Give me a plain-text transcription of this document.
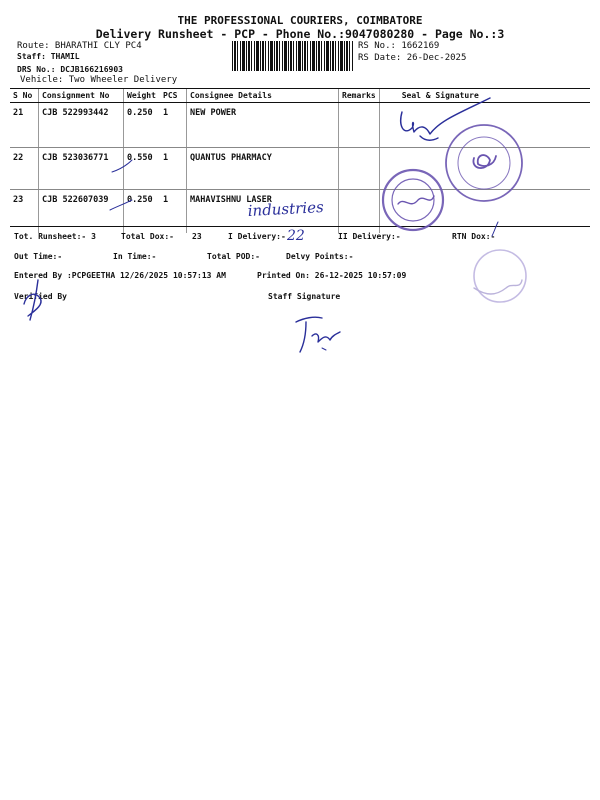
THE PROFESSIONAL COURIERS, COIMBATORE
Delivery Runsheet - PCP - Phone No.:9047080280 - Page No.:3
Route: BHARATHI CLY PC4
Staff: THAMIL
DRS No.: DCJB166216903
Vehicle: Two Wheeler Delivery
RS No.: 1662169
RS Date: 26-Dec-2025
S No	Consignment No	Weight	PCS	Consignee Details	Remarks	Seal & Signature
21	CJB 522993442	0.250	1	NEW POWER		
22	CJB 523036771	0.550	1	QUANTUS PHARMACY		
23	CJB 522607039	0.250	1	MAHAVISHNU LASER		
Tot. Runsheet:- 3	Total Dox:- 23	I Delivery:-	II Delivery:-	RTN Dox:-
Out Time:-	In Time:-	Total POD:-	Delvy Points:-
Entered By :PCPGEETHA 12/26/2025 10:57:13 AM	Printed On: 26-12-2025 10:57:09
Verified By	Staff Signature
industries
22
